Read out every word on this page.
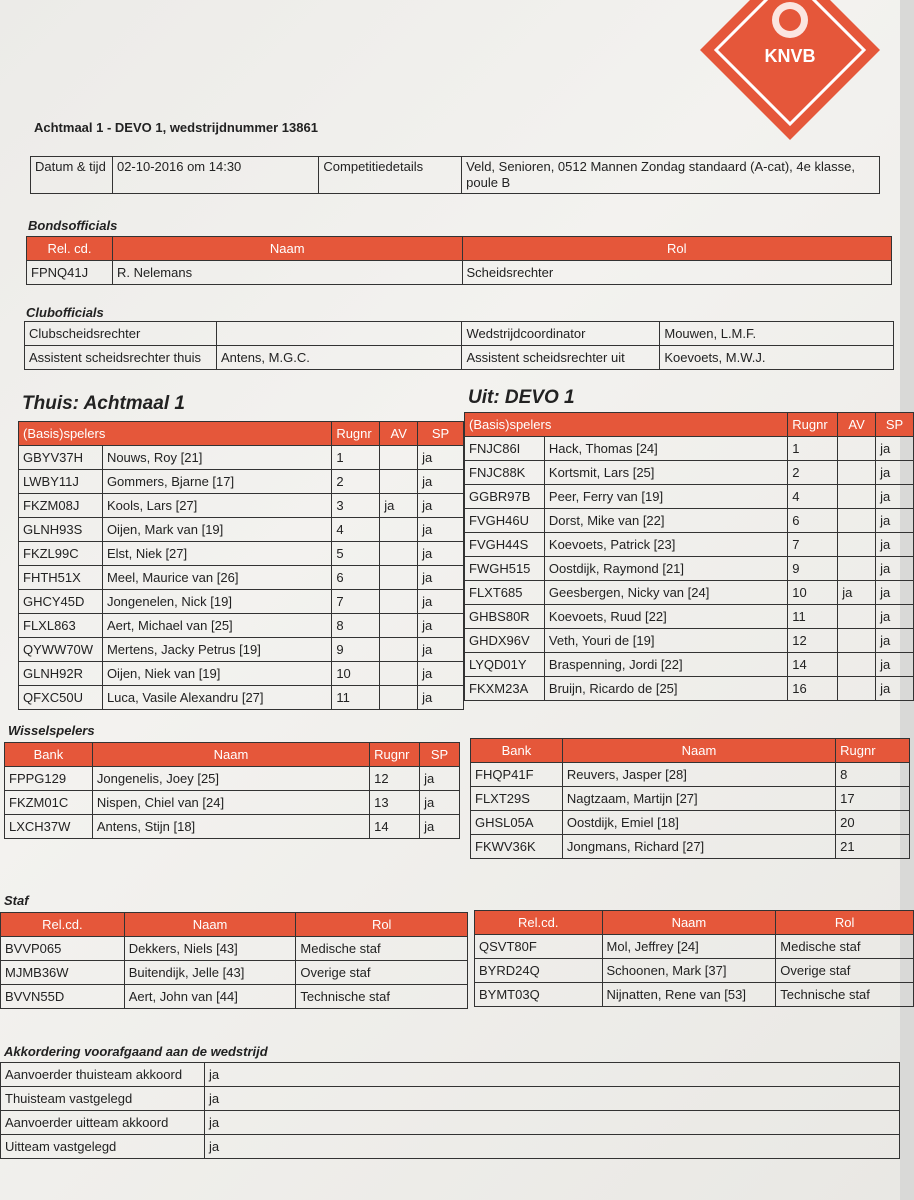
KNVB
Achtmaal 1 - DEVO 1, wedstrijdnummer 13861
Datum & tijd	02-10-2016 om 14:30	Competitiedetails	Veld, Senioren, 0512 Mannen Zondag standaard (A-cat), 4e klasse,
poule B
Bondsofficials
Rel. cd.	Naam	Rol
FPNQ41J	R. Nelemans	Scheidsrechter
Clubofficials
Clubscheidsrechter		Wedstrijdcoordinator	Mouwen, L.M.F.
Assistent scheidsrechter thuis	Antens, M.G.C.	Assistent scheidsrechter uit	Koevoets, M.W.J.
Thuis: Achtmaal 1	Uit: DEVO 1
(Basis)spelers		Rugnr	AV	SP
GBYV37H	Nouws, Roy [21]	1		ja
LWBY11J	Gommers, Bjarne [17]	2		ja
FKZM08J	Kools, Lars [27]	3	ja	ja
GLNH93S	Oijen, Mark van [19]	4		ja
FKZL99C	Elst, Niek [27]	5		ja
FHTH51X	Meel, Maurice van [26]	6		ja
GHCY45D	Jongenelen, Nick [19]	7		ja
FLXL863	Aert, Michael van [25]	8		ja
QYWW70W	Mertens, Jacky Petrus [19]	9		ja
GLNH92R	Oijen, Niek van [19]	10		ja
QFXC50U	Luca, Vasile Alexandru [27]	11		ja
(Basis)spelers		Rugnr	AV	SP
FNJC86I	Hack, Thomas [24]	1		ja
FNJC88K	Kortsmit, Lars [25]	2		ja
GGBR97B	Peer, Ferry van [19]	4		ja
FVGH46U	Dorst, Mike van [22]	6		ja
FVGH44S	Koevoets, Patrick [23]	7		ja
FWGH515	Oostdijk, Raymond [21]	9		ja
FLXT685	Geesbergen, Nicky van [24]	10	ja	ja
GHBS80R	Koevoets, Ruud [22]	11		ja
GHDX96V	Veth, Youri de [19]	12		ja
LYQD01Y	Braspenning, Jordi [22]	14		ja
FKXM23A	Bruijn, Ricardo de [25]	16		ja
Wisselspelers
Bank	Naam	Rugnr	SP
FPPG129	Jongenelis, Joey [25]	12	ja
FKZM01C	Nispen, Chiel van [24]	13	ja
LXCH37W	Antens, Stijn [18]	14	ja
Bank	Naam	Rugnr
FHQP41F	Reuvers, Jasper [28]	8
FLXT29S	Nagtzaam, Martijn [27]	17
GHSL05A	Oostdijk, Emiel [18]	20
FKWV36K	Jongmans, Richard [27]	21
Staf
Rel.cd.	Naam	Rol
BVVP065	Dekkers, Niels [43]	Medische staf
MJMB36W	Buitendijk, Jelle [43]	Overige staf
BVVN55D	Aert, John van [44]	Technische staf
Rel.cd.	Naam	Rol
QSVT80F	Mol, Jeffrey [24]	Medische staf
BYRD24Q	Schoonen, Mark [37]	Overige staf
BYMT03Q	Nijnatten, Rene van [53]	Technische staf
Akkordering voorafgaand aan de wedstrijd
Aanvoerder thuisteam akkoord	ja
Thuisteam vastgelegd	ja
Aanvoerder uitteam akkoord	ja
Uitteam vastgelegd	ja
